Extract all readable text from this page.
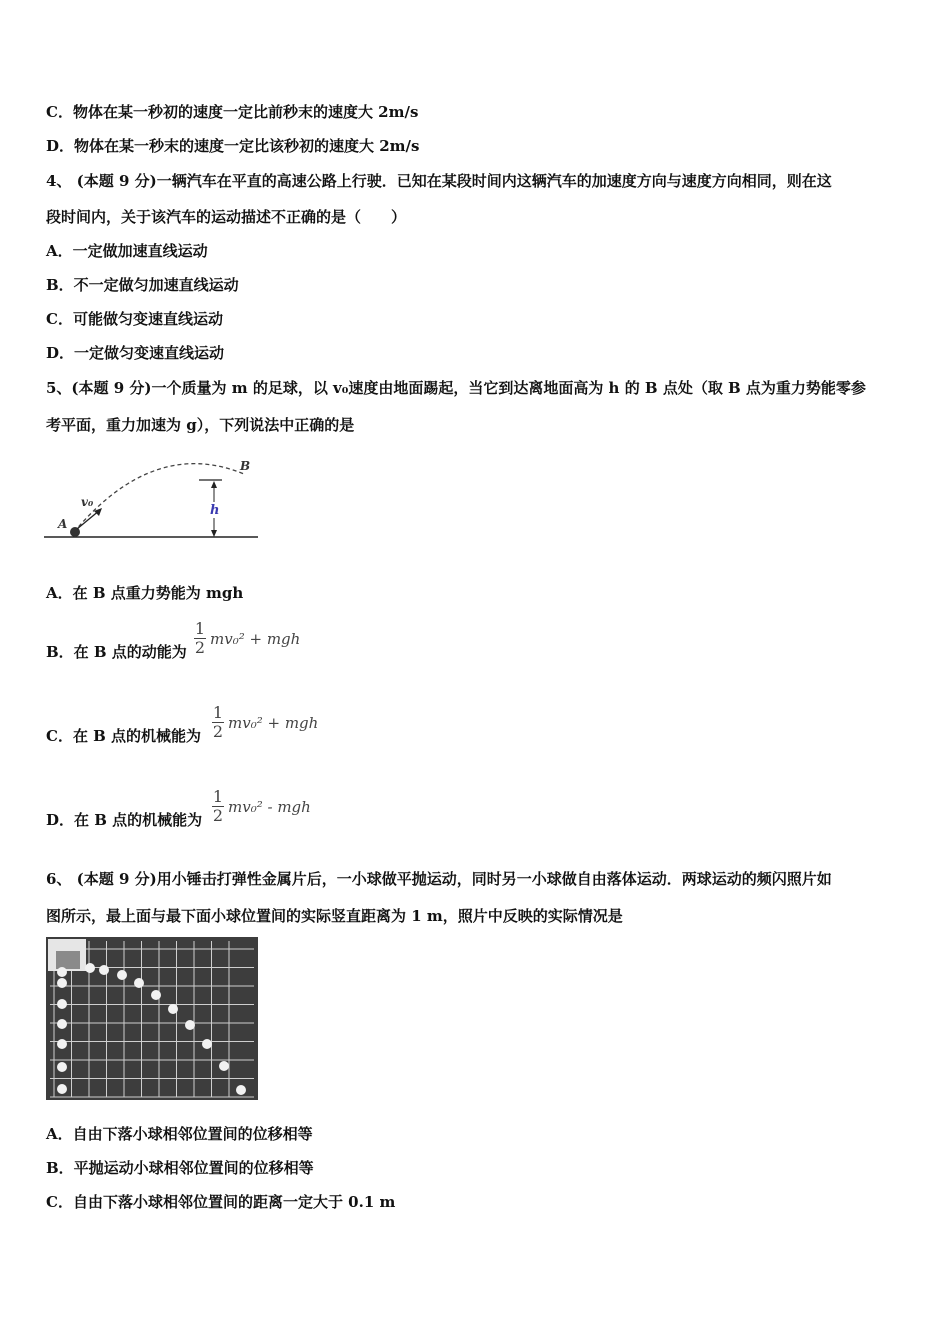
C．物体在某一秒初的速度一定比前秒末的速度大 2m/s
D．物体在某一秒末的速度一定比该秒初的速度大 2m/s
4、 (本题 9 分)一辆汽车在平直的高速公路上行驶．已知在某段时间内这辆汽车的加速度方向与速度方向相同，则在这
段时间内，关于该汽车的运动描述不正确的是（　　）
A．一定做加速直线运动
B．不一定做匀加速直线运动
C．可能做匀变速直线运动
D．一定做匀变速直线运动
5、(本题 9 分)一个质量为 m 的足球，以 v₀速度由地面踢起，当它到达离地面高为 h 的 B 点处（取 B 点为重力势能零参
考平面，重力加速为 g），下列说法中正确的是
A
v₀
B
h
A．在 B 点重力势能为 mgh
B．在 B 点的动能为
1
2 mv₀² + mgh
C．在 B 点的机械能为
1
2 mv₀² + mgh
D．在 B 点的机械能为
1
2 mv₀² - mgh
6、 (本题 9 分)用小锤击打弹性金属片后，一小球做平抛运动，同时另一小球做自由落体运动．两球运动的频闪照片如
图所示，最上面与最下面小球位置间的实际竖直距离为 1 m，照片中反映的实际情况是
A．自由下落小球相邻位置间的位移相等
B．平抛运动小球相邻位置间的位移相等
C．自由下落小球相邻位置间的距离一定大于 0.1 m
